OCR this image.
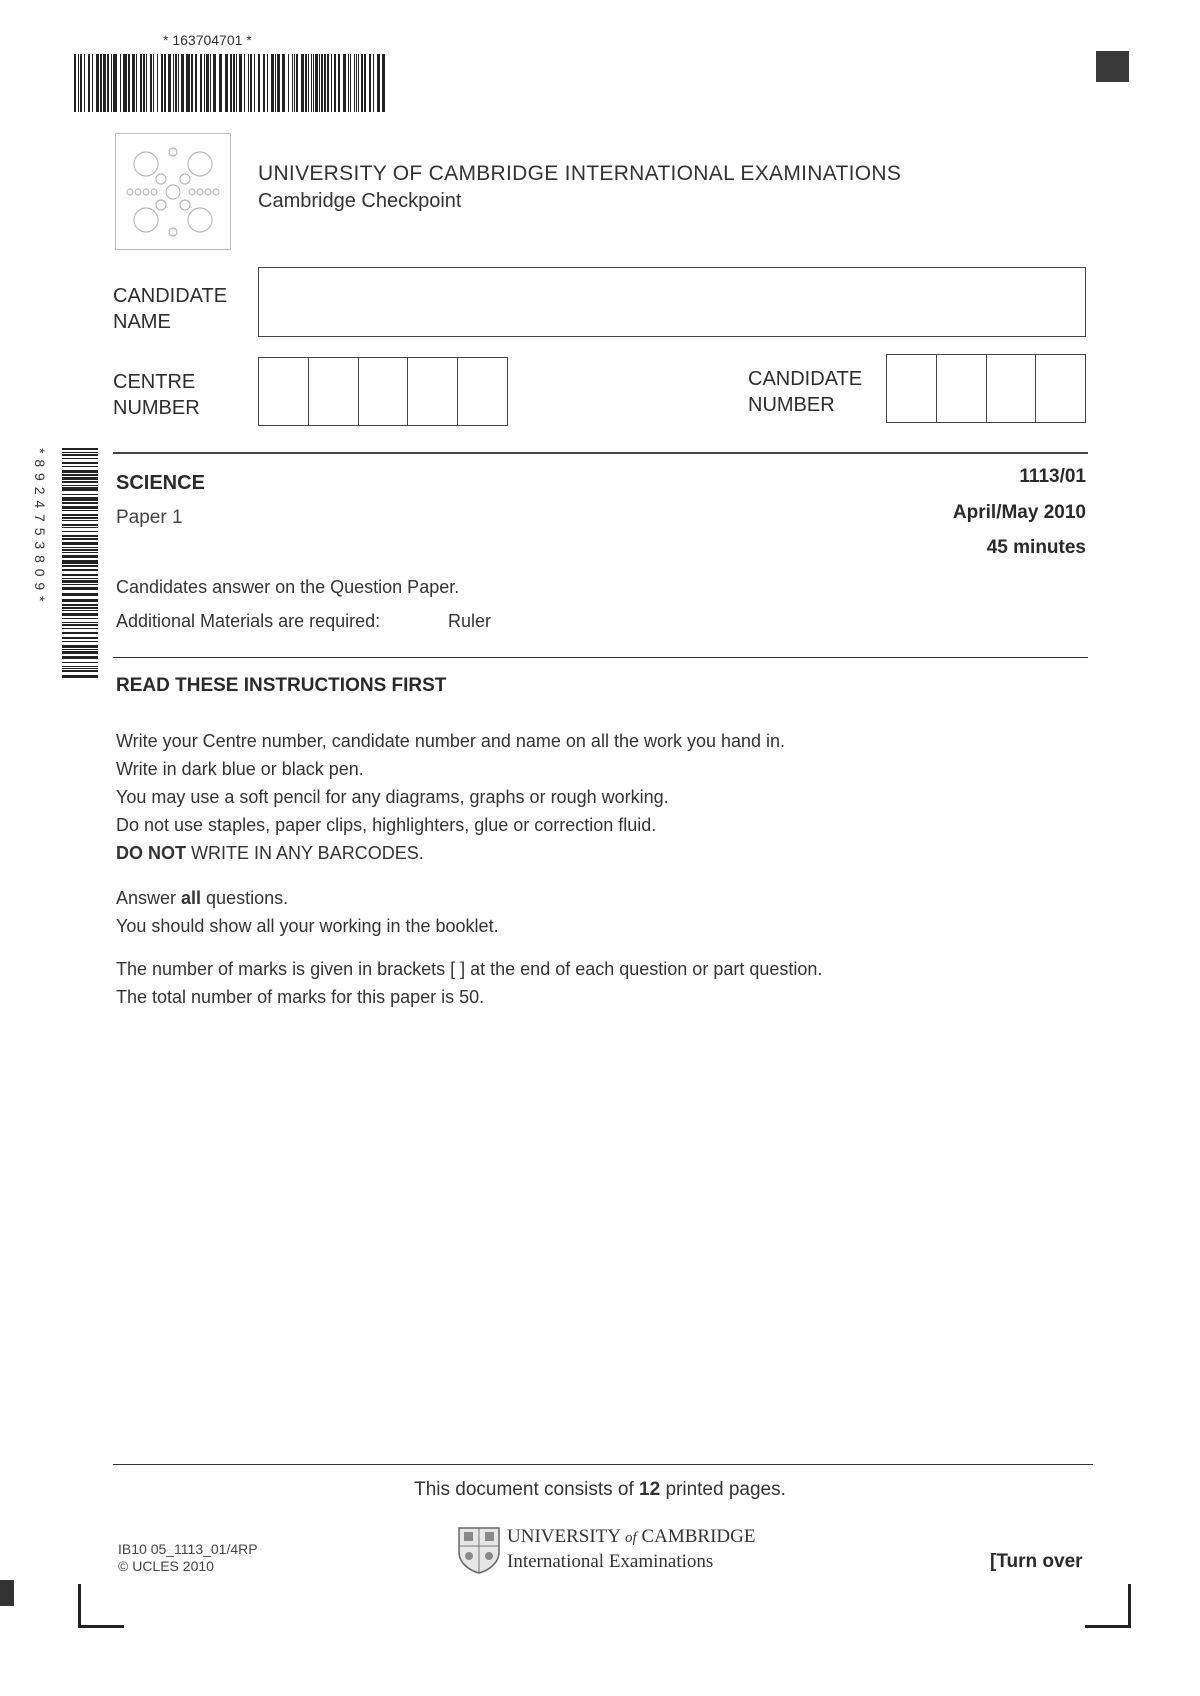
* 163704701 *
UNIVERSITY OF CAMBRIDGE INTERNATIONAL EXAMINATIONS
Cambridge Checkpoint
CANDIDATE
NAME
CENTRE
NUMBER
CANDIDATE
NUMBER
* 8 9 2 4 7 5 3 8 0 9 *	SCIENCE
Paper 1
1113/01
April/May 2010
45 minutes
Candidates answer on the Question Paper.
Additional Materials are required:	Ruler
READ THESE INSTRUCTIONS FIRST
Write your Centre number, candidate number and name on all the work you hand in.
Write in dark blue or black pen.
You may use a soft pencil for any diagrams, graphs or rough working.
Do not use staples, paper clips, highlighters, glue or correction fluid.
DO NOT WRITE IN ANY BARCODES.
Answer all questions.
You should show all your working in the booklet.
The number of marks is given in brackets [ ] at the end of each question or part question.
The total number of marks for this paper is 50.
This document consists of 12 printed pages.
IB10 05_1113_01/4RP
© UCLES 2010
UNIVERSITY of CAMBRIDGE
International Examinations	[Turn over
